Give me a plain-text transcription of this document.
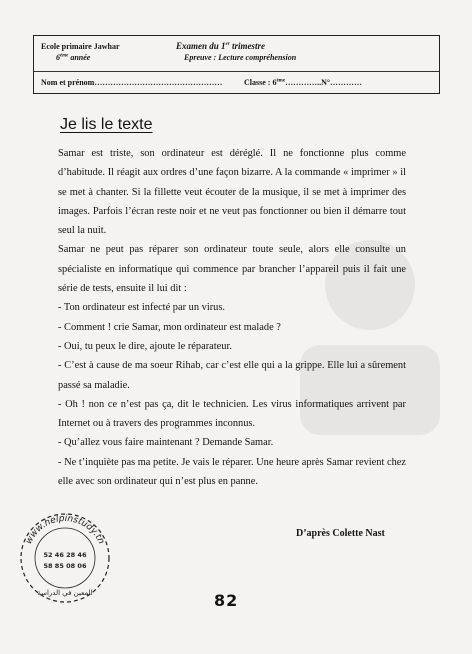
Ecole primaire Jawhar
6ème année
Examen du 1er trimestre
Epreuve : Lecture compréhension
Nom et prénom…………………………………………	Classe : 6ème…………..N°…………
Je lis le texte

Samar est triste, son ordinateur est déréglé. Il ne fonctionne plus comme d’habitude. Il réagit aux ordres d’une façon bizarre. A la commande « imprimer » il se met à chanter. Si la fillette veut écouter de la musique, il se met à imprimer des images. Parfois l’écran reste noir et ne veut pas fonctionner ou bien il démarre tout seul la nuit.

Samar ne peut pas réparer son ordinateur toute seule, alors elle consulte un spécialiste en informatique qui commence par brancher l’appareil puis il fait une série de tests, ensuite il lui dit :

- Ton ordinateur est infecté par un virus.

- Comment ! crie Samar, mon ordinateur est malade ?

- Oui, tu peux le dire, ajoute le réparateur.

- C’est à cause de ma soeur Rihab, car c’est elle qui a la grippe. Elle lui a sûrement passé sa maladie.

- Oh ! non ce n’est pas ça, dit le technicien. Les virus informatiques arrivent par Internet ou à travers des programmes inconnus.

- Qu’allez vous faire maintenant ? Demande Samar.

- Ne t’inquiète pas ma petite. Je vais le réparer. Une heure après Samar revient chez elle avec son ordinateur qui n’est plus en panne.

D’après Colette Nast
www.helpinstudy.tn
52 46 28 46
58 85 08 06
المعين في الدراسة	82
